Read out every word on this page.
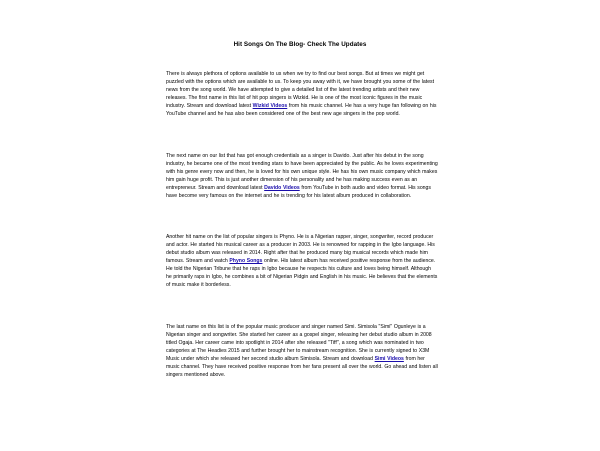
Hit Songs On The Blog- Check The Updates

There is always plethora of options available to us when we try to find our best songs. But at times we might get puzzled with the options which are available to us. To keep you away with it, we have brought you some of the latest news from the song world. We have attempted to give a detailed list of the latest trending artists and their new releases. The first name in this list of hit pop singers is Wizkid. He is one of the most iconic figures in the music industry. Stream and download latest Wizkid Videos from his music channel. He has a very huge fan following on his YouTube channel and he has also been considered one of the best new age singers in the pop world.

The next name on our list that has got enough credentials as a singer is Davido. Just after his debut in the song industry, he became one of the most trending stars to have been appreciated by the public. As he loves experimenting with his genre every now and then, he is loved for his own unique style. He has his own music company which makes him gain huge profit. This is just another dimension of his personality and he has making success even as an entrepreneur. Stream and download latest Davido Videos from YouTube in both audio and video format. His songs have become very famous on the internet and he is trending for his latest album produced in collaboration.

Another hit name on the list of popular singers is Phyno. He is a Nigerian rapper, singer, songwriter, record producer and actor. He started his musical career as a producer in 2003. He is renowned for rapping in the Igbo language. His debut studio album was released in 2014. Right after that he produced many big musical records which made him famous. Stream and watch Phyno Songs online. His latest album has received positive response from the audience. He told the Nigerian Tribune that he raps in Igbo because he respects his culture and loves being himself. Although he primarily raps in Igbo, he combines a bit of Nigerian Pidgin and English in his music. He believes that the elements of music make it borderless.

The last name on this list is of the popular music producer and singer named Simi. Simisola "Simi" Ogunleye is a Nigerian singer and songwriter. She started her career as a gospel singer, releasing her debut studio album in 2008 titled Ogaja. Her career came into spotlight in 2014 after she released "Tiff", a song which was nominated in two categories at The Headies 2015 and further brought her to mainstream recognition. She is currently signed to X3M Music under which she released her second studio album Simisola. Stream and download Simi Videos from her music channel. They have received positive response from her fans present all over the world. Go ahead and listen all singers mentioned above.
